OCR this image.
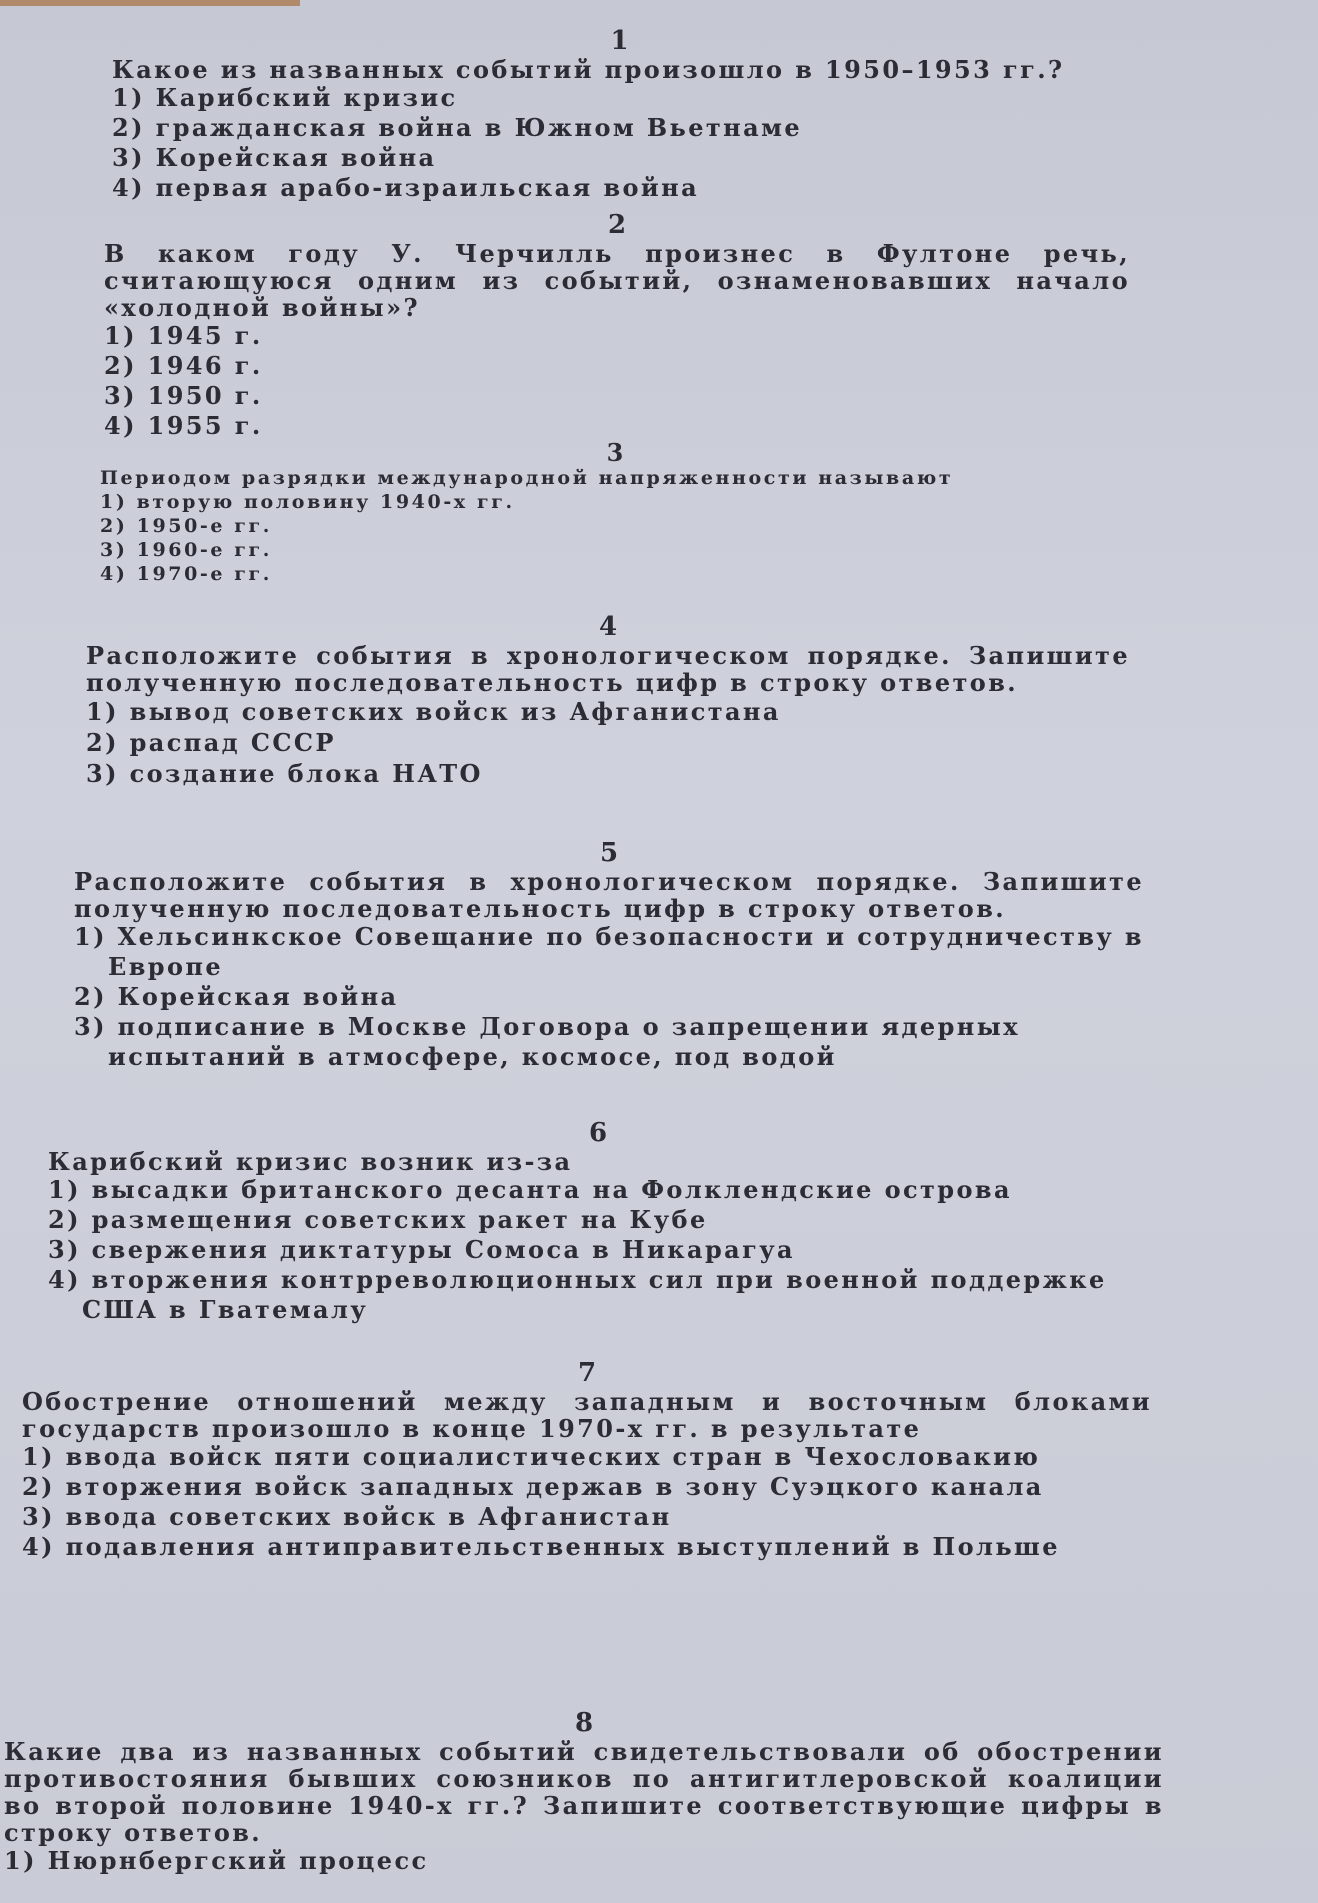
1
Какое из названных событий произошло в 1950–1953 гг.?
1) Карибский кризис
2) гражданская война в Южном Вьетнаме
3) Корейская война
4) первая арабо-израильская война
2
В каком году У. Черчилль произнес в Фултоне речь, считающуюся одним из событий, ознаменовавших начало «холодной войны»?
1) 1945 г.
2) 1946 г.
3) 1950 г.
4) 1955 г.
3
Периодом разрядки международной напряженности называют
1) вторую половину 1940-х гг.
2) 1950-е гг.
3) 1960-е гг.
4) 1970-е гг.
4
Расположите события в хронологическом порядке. Запишите полученную последовательность цифр в строку ответов.
1) вывод советских войск из Афганистана
2) распад СССР
3) создание блока НАТО
5
Расположите события в хронологическом порядке. Запишите полученную последовательность цифр в строку ответов.
1) Хельсинкское Совещание по безопасности и сотрудничеству в Европе
2) Корейская война
3) подписание в Москве Договора о запрещении ядерных испытаний в атмосфере, космосе, под водой
6
Карибский кризис возник из-за
1) высадки британского десанта на Фолклендские острова
2) размещения советских ракет на Кубе
3) свержения диктатуры Сомоса в Никарагуа
4) вторжения контрреволюционных сил при военной поддержке США в Гватемалу
7
Обострение отношений между западным и восточным блоками государств произошло в конце 1970-х гг. в результате
1) ввода войск пяти социалистических стран в Чехословакию
2) вторжения войск западных держав в зону Суэцкого канала
3) ввода советских войск в Афганистан
4) подавления антиправительственных выступлений в Польше
8
Какие два из названных событий свидетельствовали об обострении противостояния бывших союзников по антигитлеровской коалиции во второй половине 1940-х гг.? Запишите соответствующие цифры в строку ответов.
1) Нюрнбергский процесс
